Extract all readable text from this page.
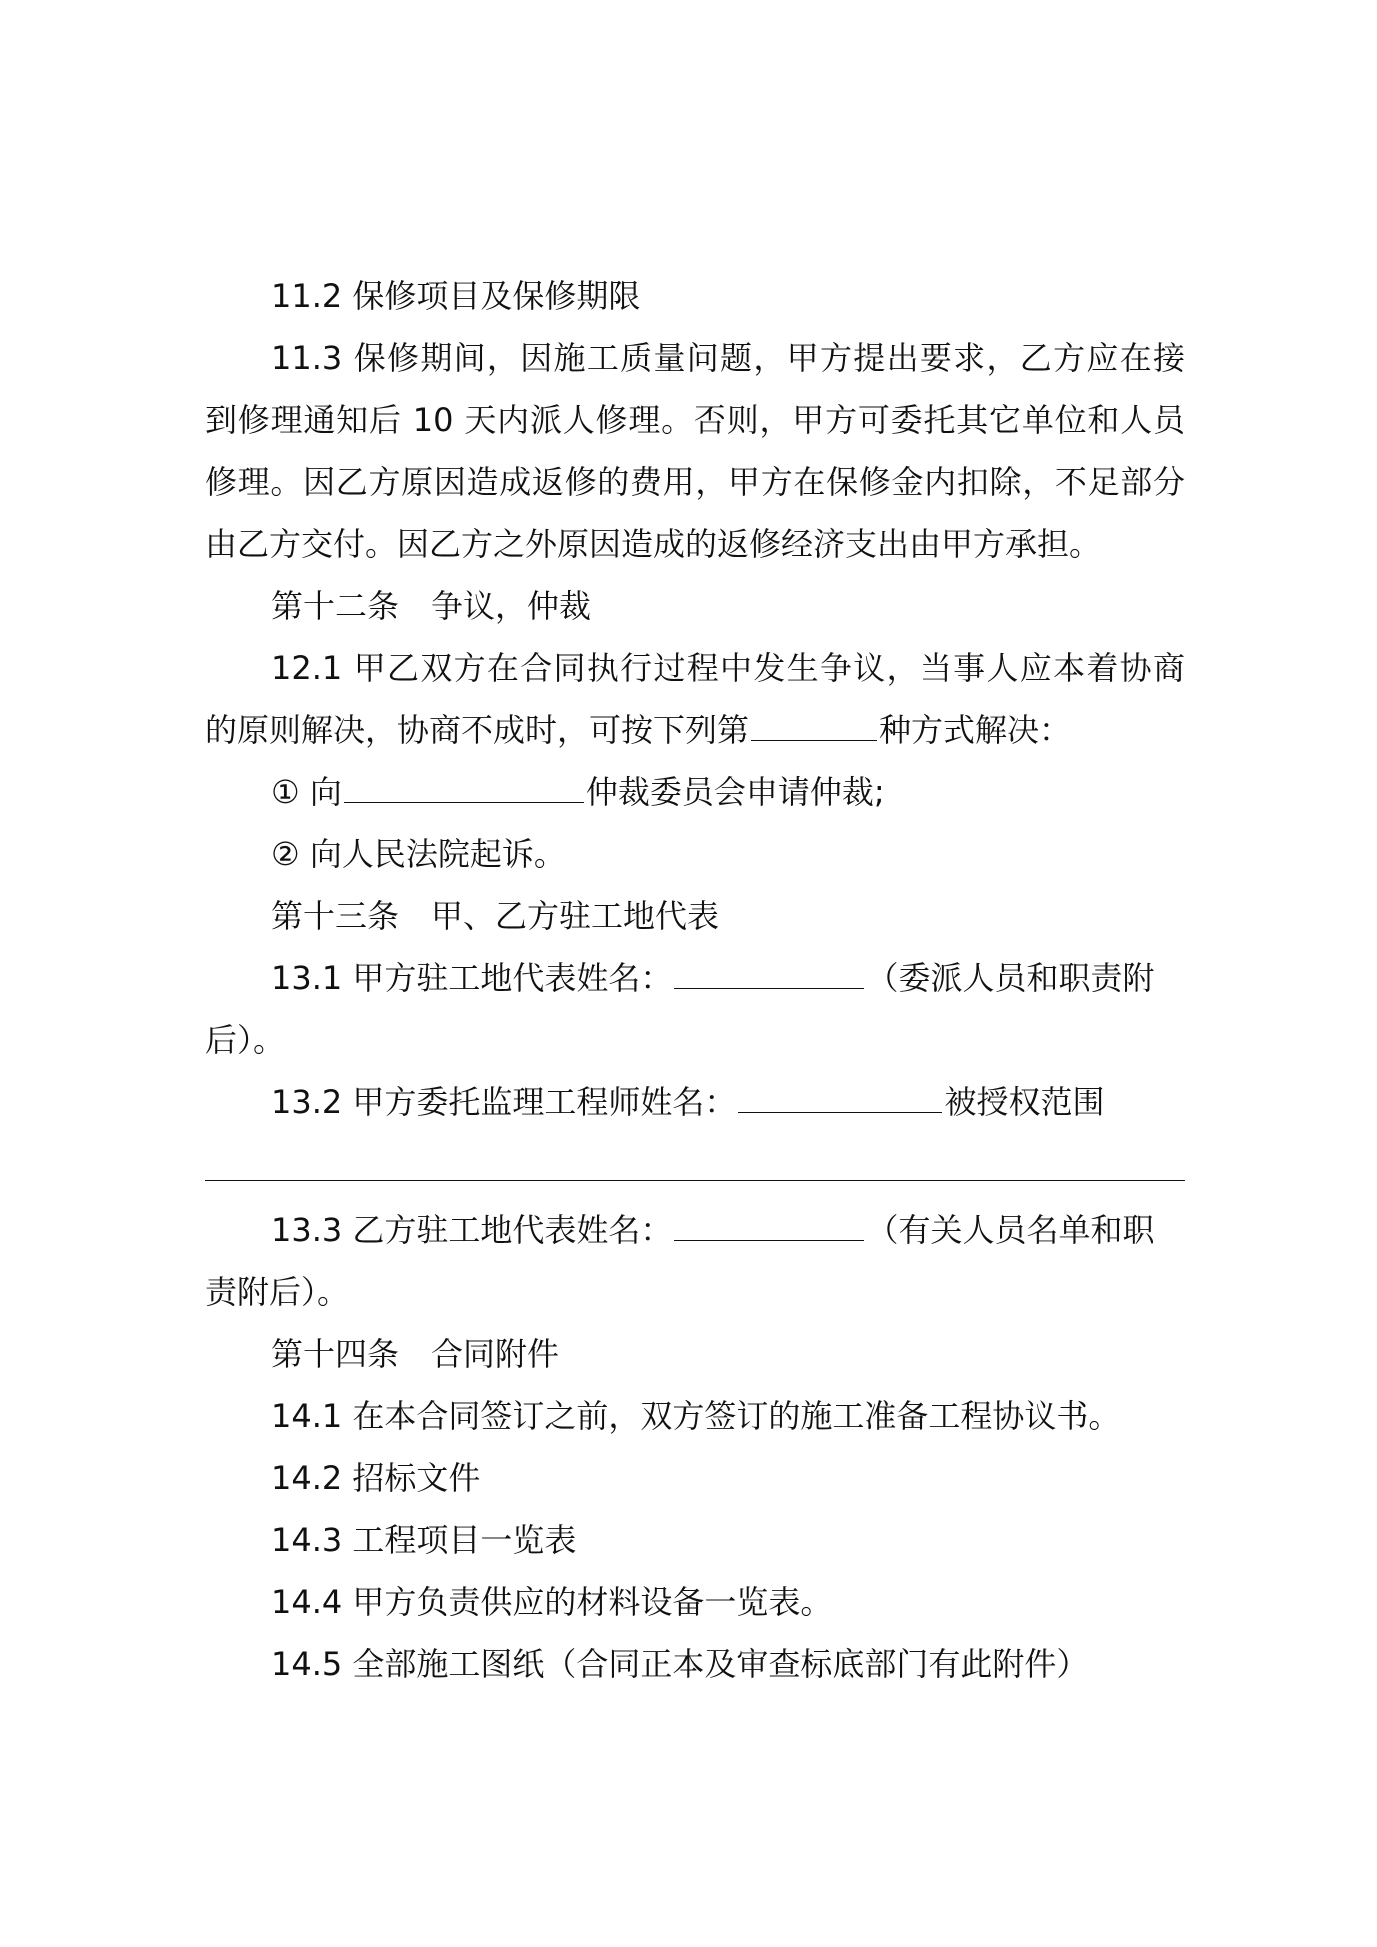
11.2 保修项目及保修期限

11.3 保修期间，因施工质量问题，甲方提出要求，乙方应在接

到修理通知后 10 天内派人修理。否则，甲方可委托其它单位和人员

修理。因乙方原因造成返修的费用，甲方在保修金内扣除，不足部分

由乙方交付。因乙方之外原因造成的返修经济支出由甲方承担。

第十二条　争议，仲裁

12.1 甲乙双方在合同执行过程中发生争议，当事人应本着协商

的原则解决，协商不成时，可按下列第	种方式解决：

① 向	仲裁委员会申请仲裁;

② 向人民法院起诉。

第十三条　甲、乙方驻工地代表

13.1 甲方驻工地代表姓名：	（委派人员和职责附

后）。

13.2 甲方委托监理工程师姓名：	被授权范围

13.3 乙方驻工地代表姓名：	（有关人员名单和职

责附后）。

第十四条　合同附件

14.1 在本合同签订之前，双方签订的施工准备工程协议书。

14.2 招标文件

14.3 工程项目一览表

14.4 甲方负责供应的材料设备一览表。

14.5 全部施工图纸（合同正本及审查标底部门有此附件）
